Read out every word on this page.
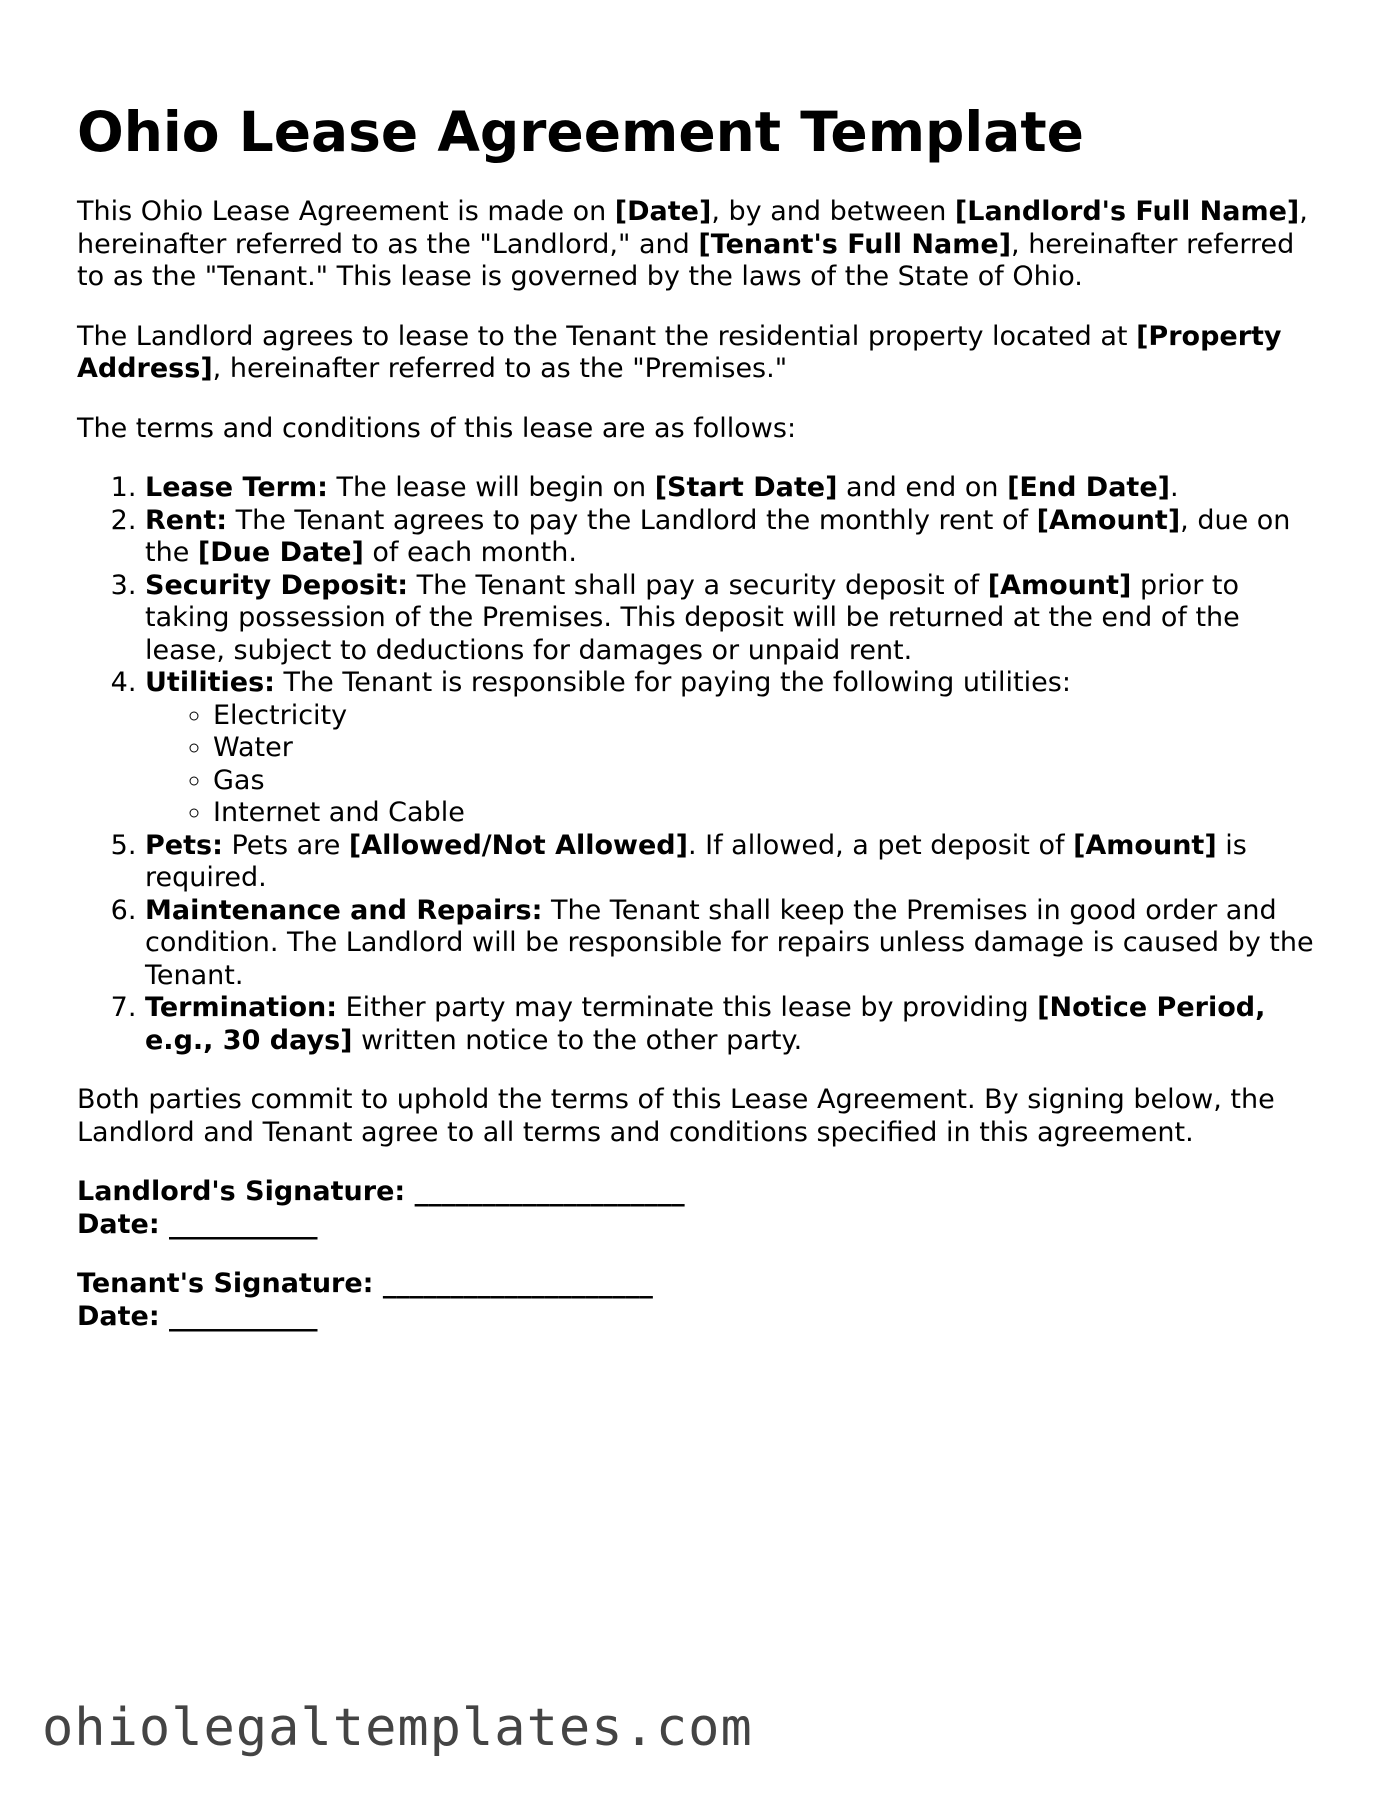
Ohio Lease Agreement Template

This Ohio Lease Agreement is made on [Date], by and between [Landlord's Full Name], hereinafter referred to as the "Landlord," and [Tenant's Full Name], hereinafter referred to as the "Tenant." This lease is governed by the laws of the State of Ohio.

The Landlord agrees to lease to the Tenant the residential property located at [Property Address], hereinafter referred to as the "Premises."

The terms and conditions of this lease are as follows:

1. Lease Term: The lease will begin on [Start Date] and end on [End Date].
2. Rent: The Tenant agrees to pay the Landlord the monthly rent of [Amount], due on the [Due Date] of each month.
3. Security Deposit: The Tenant shall pay a security deposit of [Amount] prior to taking possession of the Premises. This deposit will be returned at the end of the lease, subject to deductions for damages or unpaid rent.
4. Utilities: The Tenant is responsible for paying the following utilities:
◦ Electricity
◦ Water
◦ Gas
◦ Internet and Cable
5. Pets: Pets are [Allowed/Not Allowed]. If allowed, a pet deposit of [Amount] is required.
6. Maintenance and Repairs: The Tenant shall keep the Premises in good order and condition. The Landlord will be responsible for repairs unless damage is caused by the Tenant.
7. Termination: Either party may terminate this lease by providing [Notice Period, e.g., 30 days] written notice to the other party.

Both parties commit to uphold the terms of this Lease Agreement. By signing below, the Landlord and Tenant agree to all terms and conditions specified in this agreement.

Landlord's Signature: ____________________
Date: ___________
Tenant's Signature: ____________________
Date: ___________
ohiolegaltemplates.com
